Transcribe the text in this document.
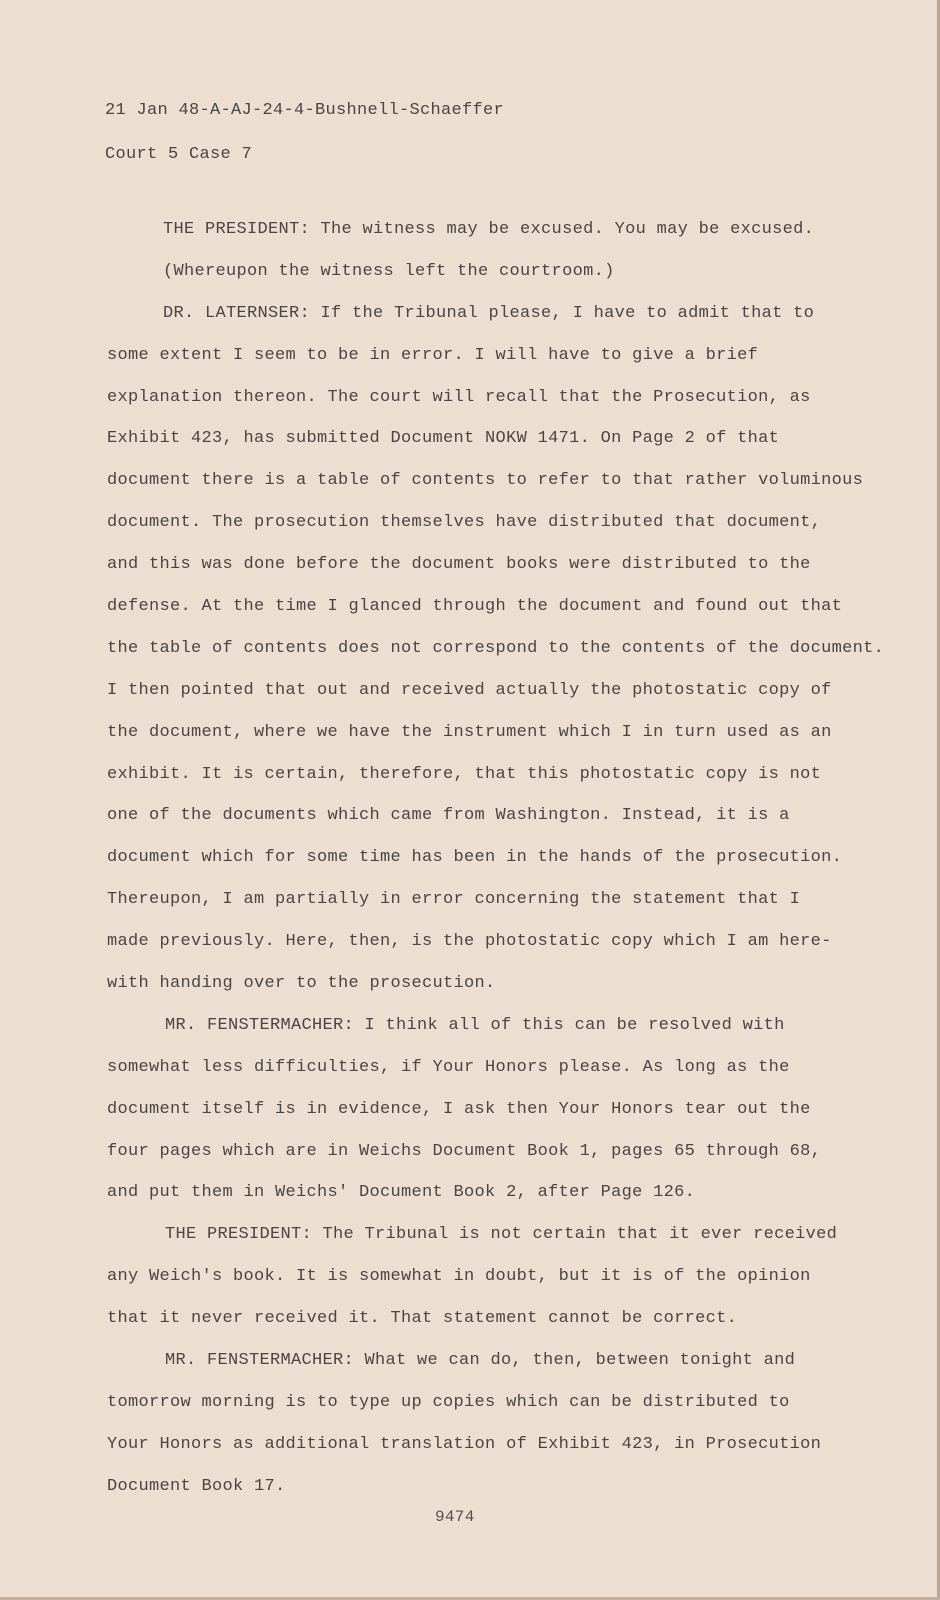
21 Jan 48-A-AJ-24-4-Bushnell-Schaeffer
Court 5 Case 7
THE PRESIDENT: The witness may be excused. You may be excused.
(Whereupon the witness left the courtroom.)
DR. LATERNSER: If the Tribunal please, I have to admit that to
some extent I seem to be in error. I will have to give a brief
explanation thereon. The court will recall that the Prosecution, as
Exhibit 423, has submitted Document NOKW 1471. On Page 2 of that
document there is a table of contents to refer to that rather voluminous
document. The prosecution themselves have distributed that document,
and this was done before the document books were distributed to the
defense. At the time I glanced through the document and found out that
the table of contents does not correspond to the contents of the document.
I then pointed that out and received actually the photostatic copy of
the document, where we have the instrument which I in turn used as an
exhibit. It is certain, therefore, that this photostatic copy is not
one of the documents which came from Washington. Instead, it is a
document which for some time has been in the hands of the prosecution.
Thereupon, I am partially in error concerning the statement that I
made previously. Here, then, is the photostatic copy which I am here-
with handing over to the prosecution.
MR. FENSTERMACHER: I think all of this can be resolved with
somewhat less difficulties, if Your Honors please. As long as the
document itself is in evidence, I ask then Your Honors tear out the
four pages which are in Weichs Document Book 1, pages 65 through 68,
and put them in Weichs' Document Book 2, after Page 126.
THE PRESIDENT: The Tribunal is not certain that it ever received
any Weich's book. It is somewhat in doubt, but it is of the opinion
that it never received it. That statement cannot be correct.
MR. FENSTERMACHER: What we can do, then, between tonight and
tomorrow morning is to type up copies which can be distributed to
Your Honors as additional translation of Exhibit 423, in Prosecution
Document Book 17.
9474
